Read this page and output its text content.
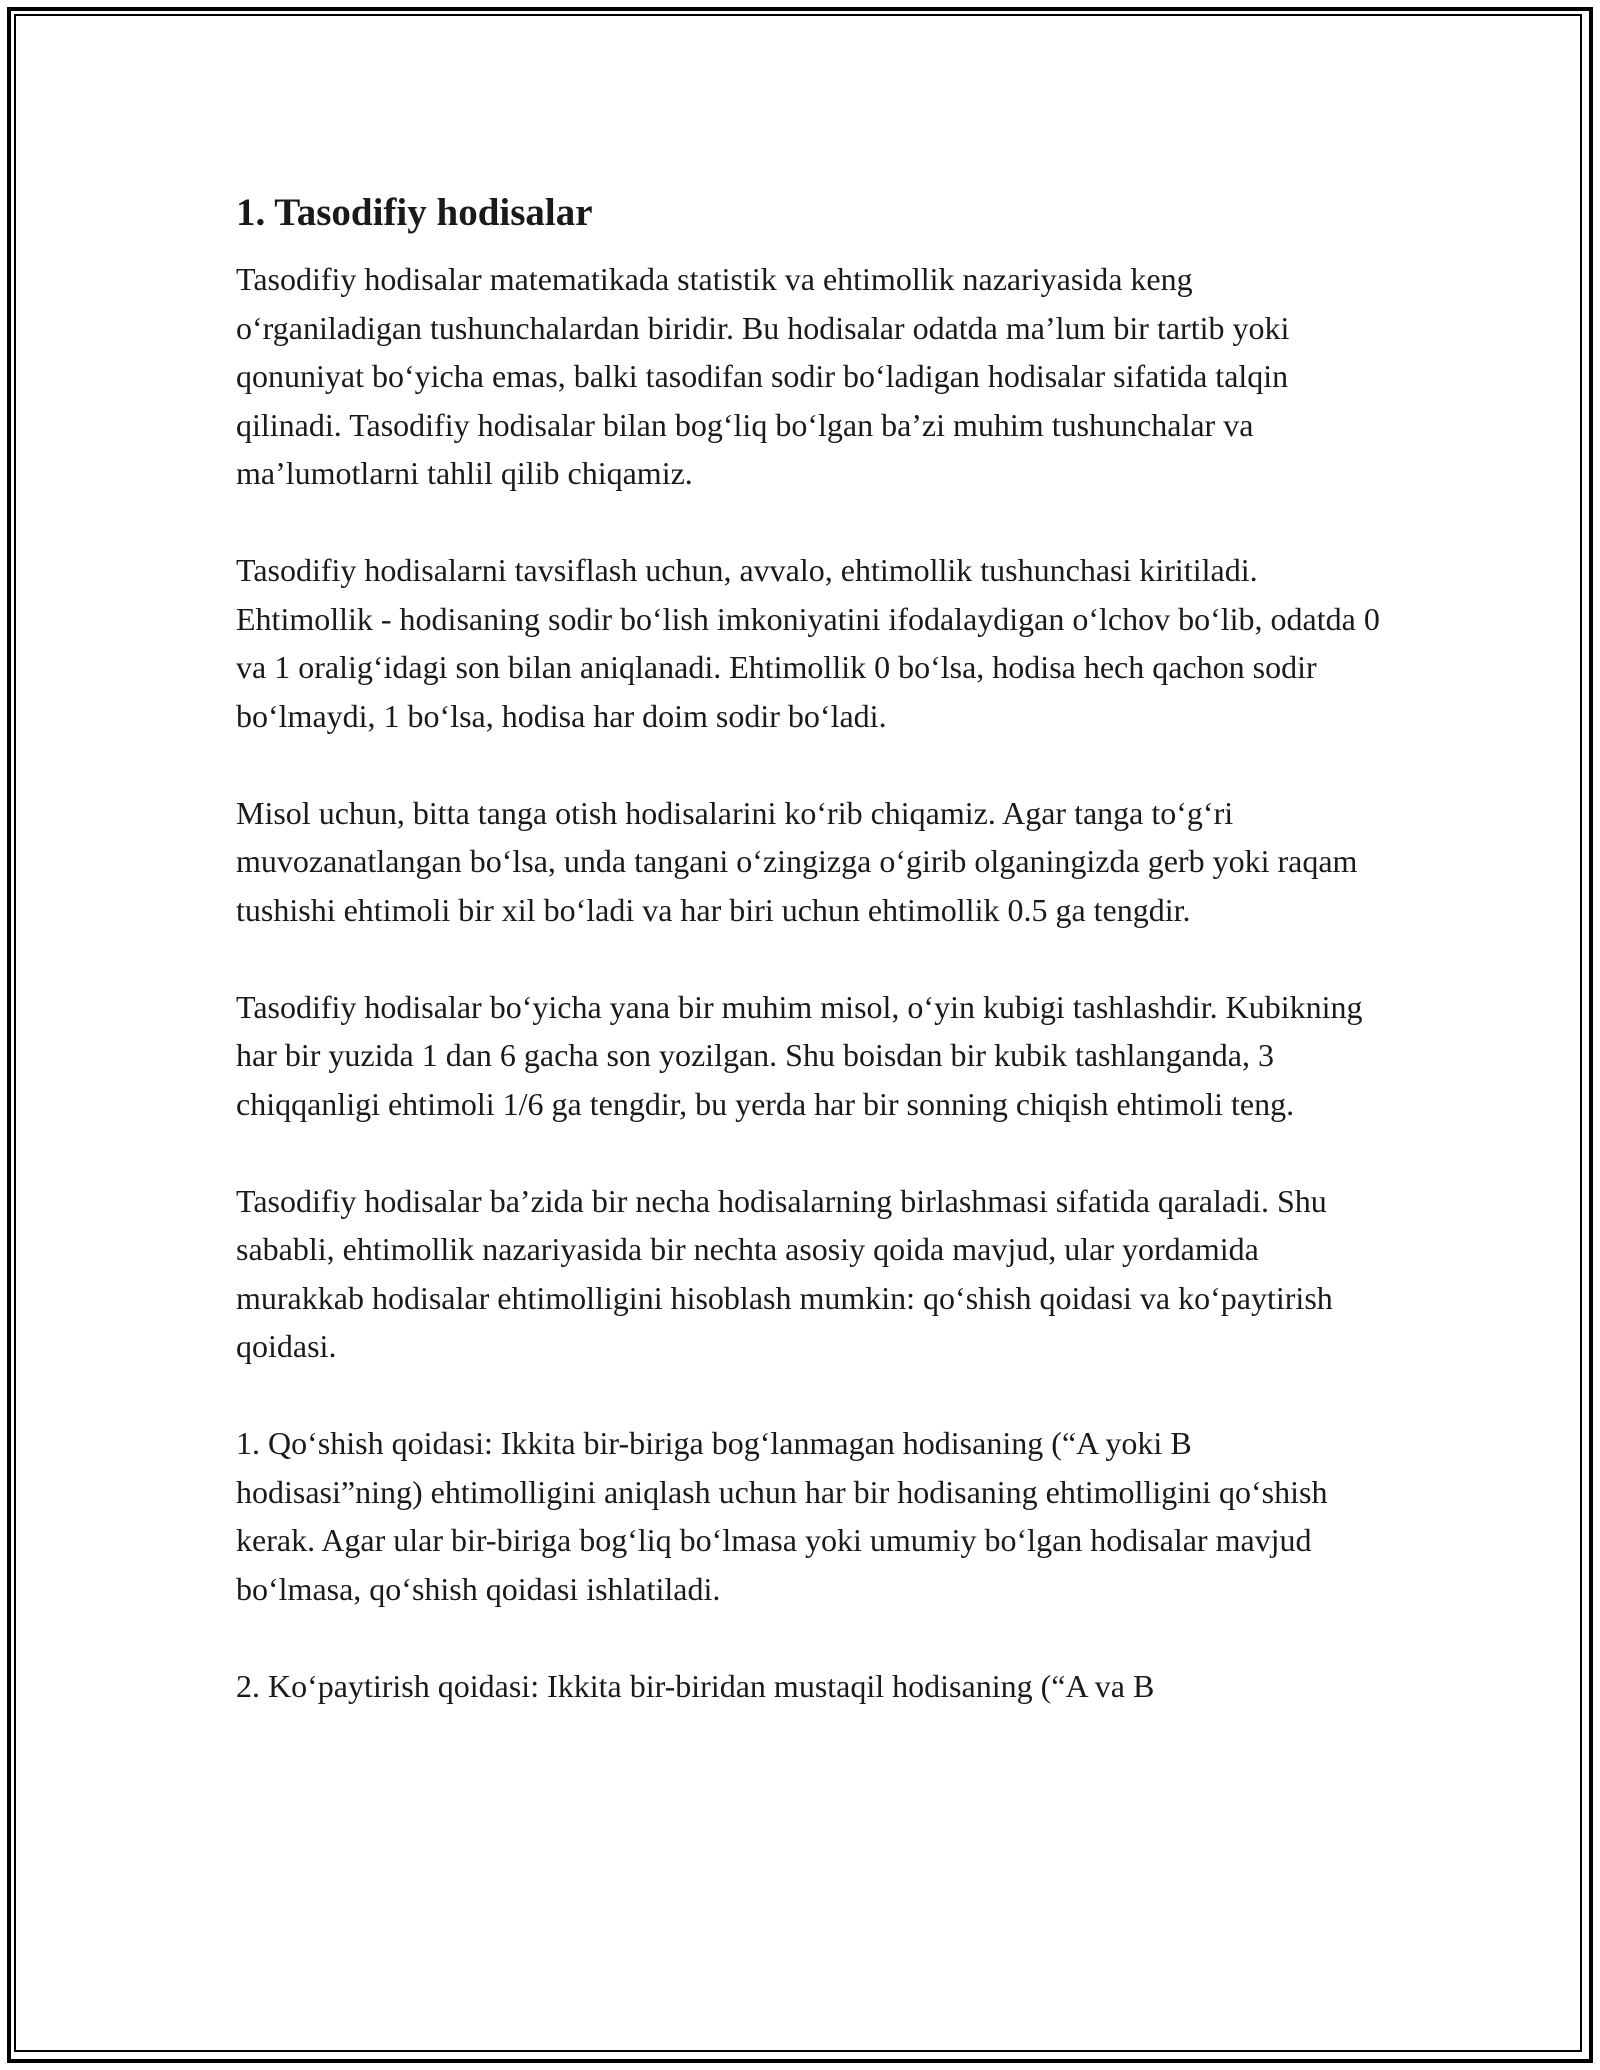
1. Tasodifiy hodisalar

Tasodifiy hodisalar matematikada statistik va ehtimollik nazariyasida keng o‘rganiladigan tushunchalardan biridir. Bu hodisalar odatda ma’lum bir tartib yoki qonuniyat bo‘yicha emas, balki tasodifan sodir bo‘ladigan hodisalar sifatida talqin qilinadi. Tasodifiy hodisalar bilan bog‘liq bo‘lgan ba’zi muhim tushunchalar va ma’lumotlarni tahlil qilib chiqamiz.

Tasodifiy hodisalarni tavsiflash uchun, avvalo, ehtimollik tushunchasi kiritiladi. Ehtimollik - hodisaning sodir bo‘lish imkoniyatini ifodalaydigan o‘lchov bo‘lib, odatda 0 va 1 oralig‘idagi son bilan aniqlanadi. Ehtimollik 0 bo‘lsa, hodisa hech qachon sodir bo‘lmaydi, 1 bo‘lsa, hodisa har doim sodir bo‘ladi.

Misol uchun, bitta tanga otish hodisalarini ko‘rib chiqamiz. Agar tanga to‘g‘ri muvozanatlangan bo‘lsa, unda tangani o‘zingizga o‘girib olganingizda gerb yoki raqam tushishi ehtimoli bir xil bo‘ladi va har biri uchun ehtimollik 0.5 ga tengdir.

Tasodifiy hodisalar bo‘yicha yana bir muhim misol, o‘yin kubigi tashlashdir. Kubikning har bir yuzida 1 dan 6 gacha son yozilgan. Shu boisdan bir kubik tashlanganda, 3 chiqqanligi ehtimoli 1/6 ga tengdir, bu yerda har bir sonning chiqish ehtimoli teng.

Tasodifiy hodisalar ba’zida bir necha hodisalarning birlashmasi sifatida qaraladi. Shu sababli, ehtimollik nazariyasida bir nechta asosiy qoida mavjud, ular yordamida murakkab hodisalar ehtimolligini hisoblash mumkin: qo‘shish qoidasi va ko‘paytirish qoidasi.

1. Qo‘shish qoidasi: Ikkita bir-biriga bog‘lanmagan hodisaning (“A yoki B hodisasi”ning) ehtimolligini aniqlash uchun har bir hodisaning ehtimolligini qo‘shish kerak. Agar ular bir-biriga bog‘liq bo‘lmasa yoki umumiy bo‘lgan hodisalar mavjud bo‘lmasa, qo‘shish qoidasi ishlatiladi.

2. Ko‘paytirish qoidasi: Ikkita bir-biridan mustaqil hodisaning (“A va B
